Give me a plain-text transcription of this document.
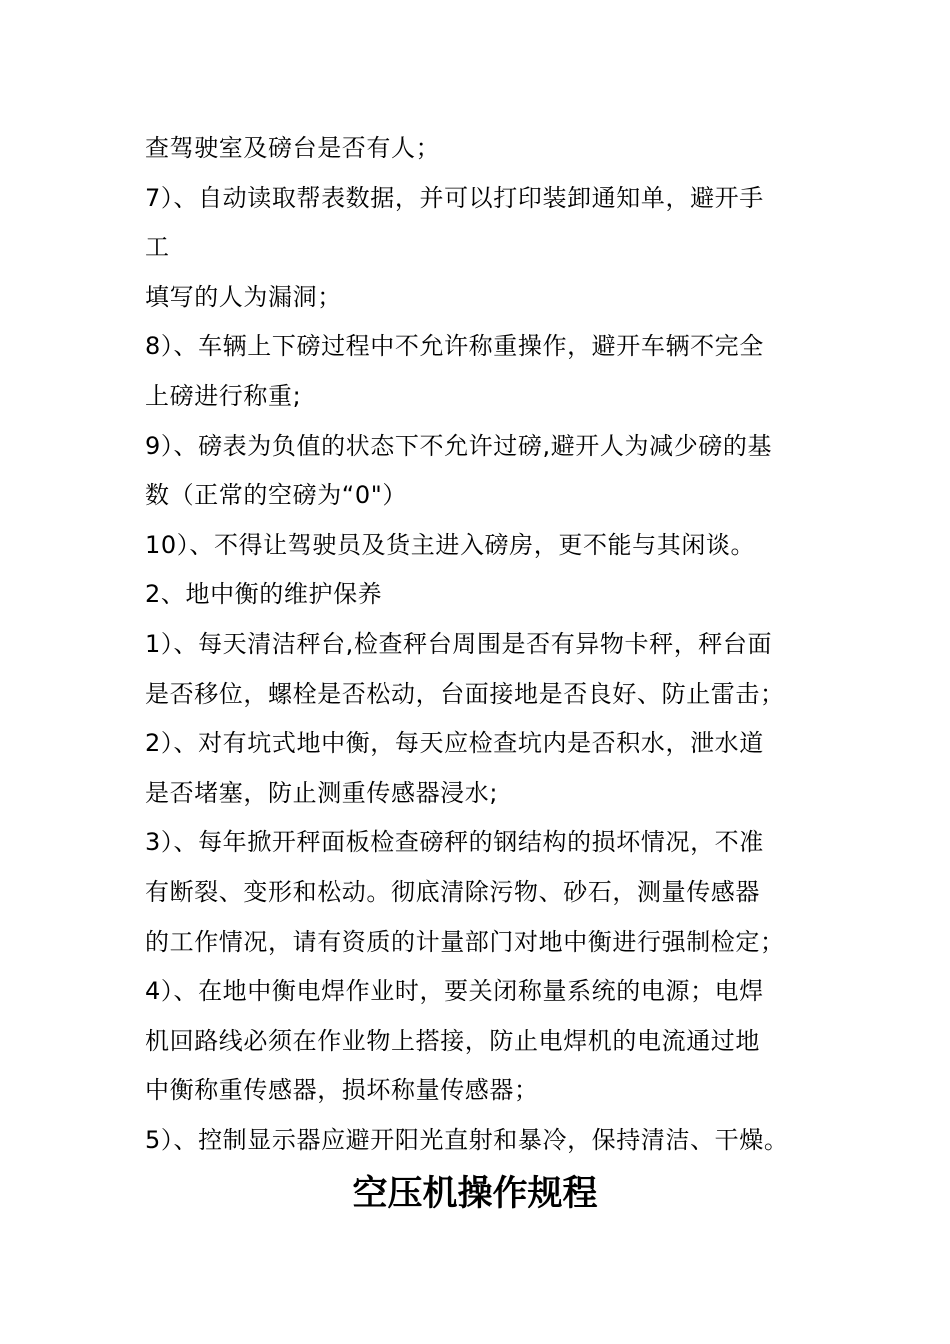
查驾驶室及磅台是否有人；
7）、自动读取帮表数据，并可以打印装卸通知单，避开手
工
填写的人为漏洞；
8）、车辆上下磅过程中不允许称重操作，避开车辆不完全
上磅进行称重;
9）、磅表为负值的状态下不允许过磅,避开人为减少磅的基
数（正常的空磅为“0"）
10）、不得让驾驶员及货主进入磅房，更不能与其闲谈。
2、地中衡的维护保养
1）、每天清洁秤台,检查秤台周围是否有异物卡秤，秤台面
是否移位，螺栓是否松动，台面接地是否良好、防止雷击；
2）、对有坑式地中衡，每天应检查坑内是否积水，泄水道
是否堵塞，防止测重传感器浸水;
3）、每年掀开秤面板检查磅秤的钢结构的损坏情况，不准
有断裂、变形和松动。彻底清除污物、砂石，测量传感器
的工作情况，请有资质的计量部门对地中衡进行强制检定；
4）、在地中衡电焊作业时，要关闭称量系统的电源；电焊
机回路线必须在作业物上搭接，防止电焊机的电流通过地
中衡称重传感器，损坏称量传感器；
5）、控制显示器应避开阳光直射和暴冷，保持清洁、干燥。
空压机操作规程
